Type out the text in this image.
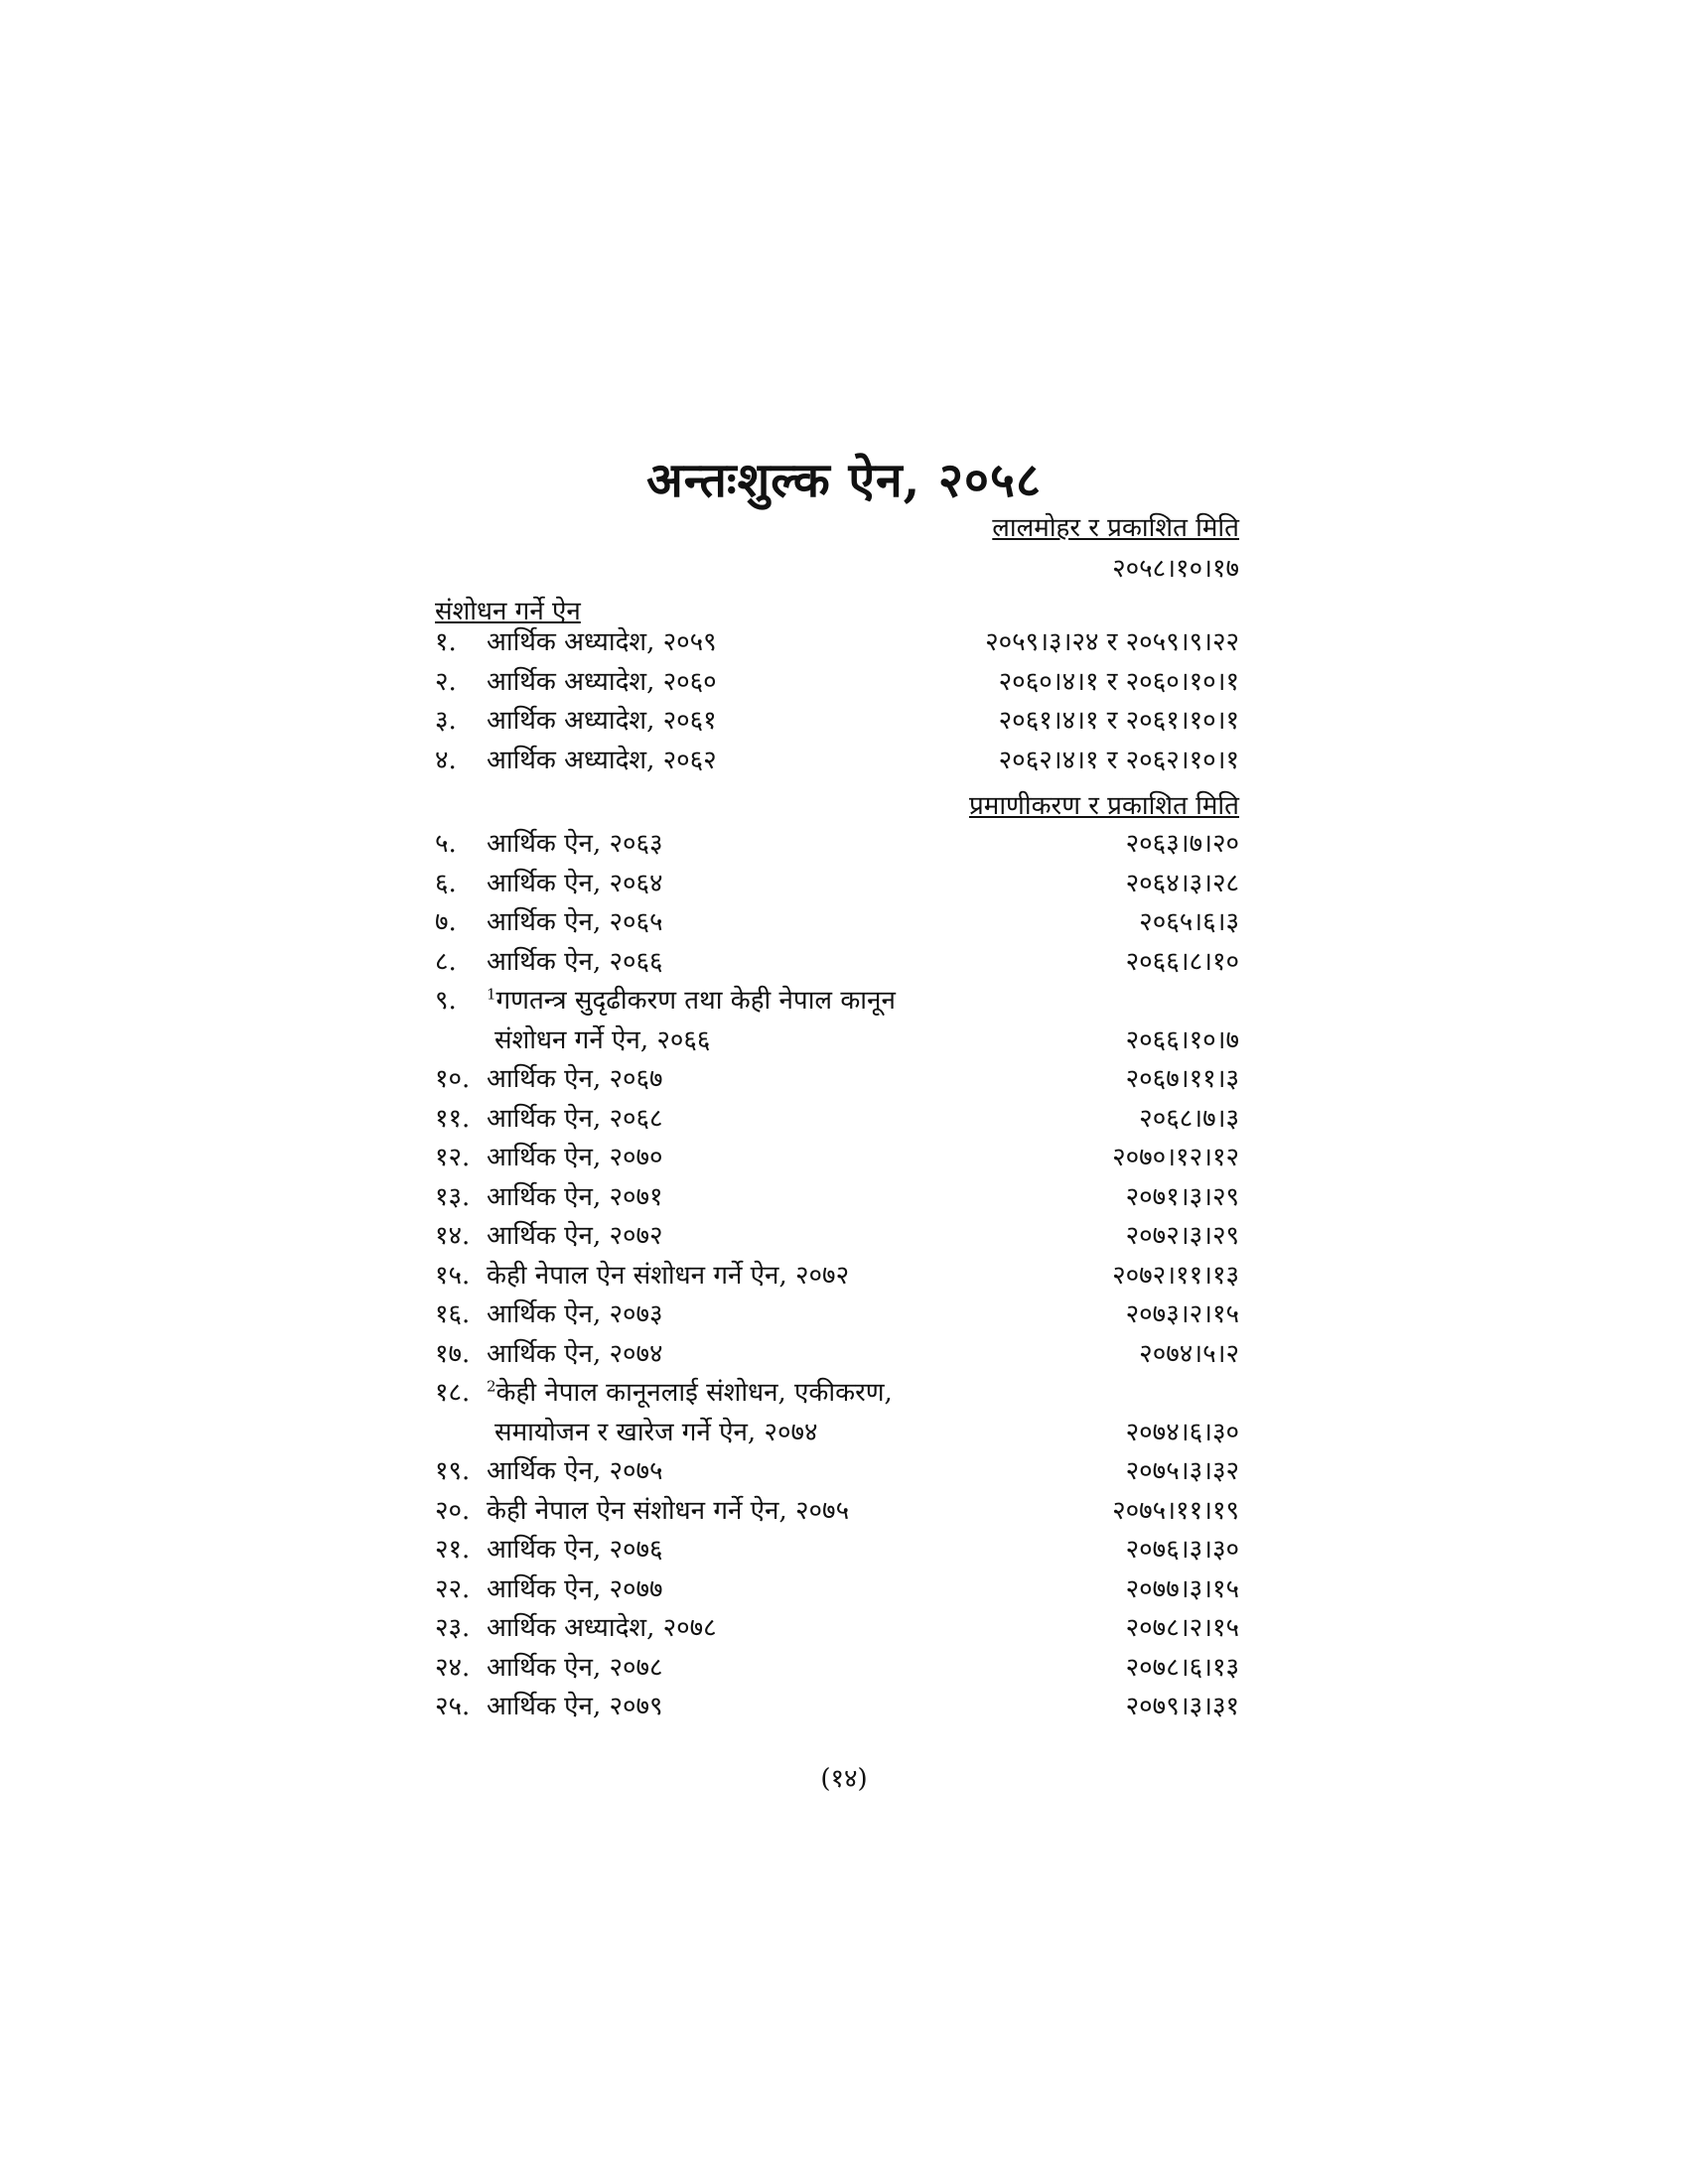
अन्तःशुल्क ऐन, २०५८
लालमोहर र प्रकाशित मिति
२०५८।१०।१७
संशोधन गर्ने ऐन
१.	आर्थिक अध्यादेश, २०५९	२०५९।३।२४ र २०५९।९।२२
२.	आर्थिक अध्यादेश, २०६०	२०६०।४।१ र २०६०।१०।१
३.	आर्थिक अध्यादेश, २०६१	२०६१।४।१ र २०६१।१०।१
४.	आर्थिक अध्यादेश, २०६२	२०६२।४।१ र २०६२।१०।१
प्रमाणीकरण र प्रकाशित मिति
५.	आर्थिक ऐन, २०६३	२०६३।७।२०
६.	आर्थिक ऐन, २०६४	२०६४।३।२८
७.	आर्थिक ऐन, २०६५	२०६५।६।३
८.	आर्थिक ऐन, २०६६	२०६६।८।१०
९.	$^1$गणतन्त्र सुदृढीकरण तथा केही नेपाल कानून
संशोधन गर्ने ऐन, २०६६
	२०६६।१०।७
१०. आर्थिक ऐन, २०६७	२०६७।११।३
११. आर्थिक ऐन, २०६८	२०६८।७।३
१२. आर्थिक ऐन, २०७०	२०७०।१२।१२
१३. आर्थिक ऐन, २०७१	२०७१।३।२९
१४. आर्थिक ऐन, २०७२	२०७२।३।२९
१५. केही नेपाल ऐन संशोधन गर्ने ऐन, २०७२	२०७२।११।१३
१६. आर्थिक ऐन, २०७३	२०७३।२।१५
१७. आर्थिक ऐन, २०७४	२०७४।५।२
१८.	$^2$केही नेपाल कानूनलाई संशोधन, एकीकरण,
समायोजन र खारेज गर्ने ऐन, २०७४
	२०७४।६।३०
१९. आर्थिक ऐन, २०७५	२०७५।३।३२
२०. केही नेपाल ऐन संशोधन गर्ने ऐन, २०७५	२०७५।११।१९
२१. आर्थिक ऐन, २०७६	२०७६।३।३०
२२. आर्थिक ऐन, २०७७	२०७७।३।१५
२३. आर्थिक अध्यादेश, २०७८	२०७८।२।१५
२४. आर्थिक ऐन, २०७८	२०७८।६।१३
२५. आर्थिक ऐन, २०७९	२०७९।३।३१
(१४)
